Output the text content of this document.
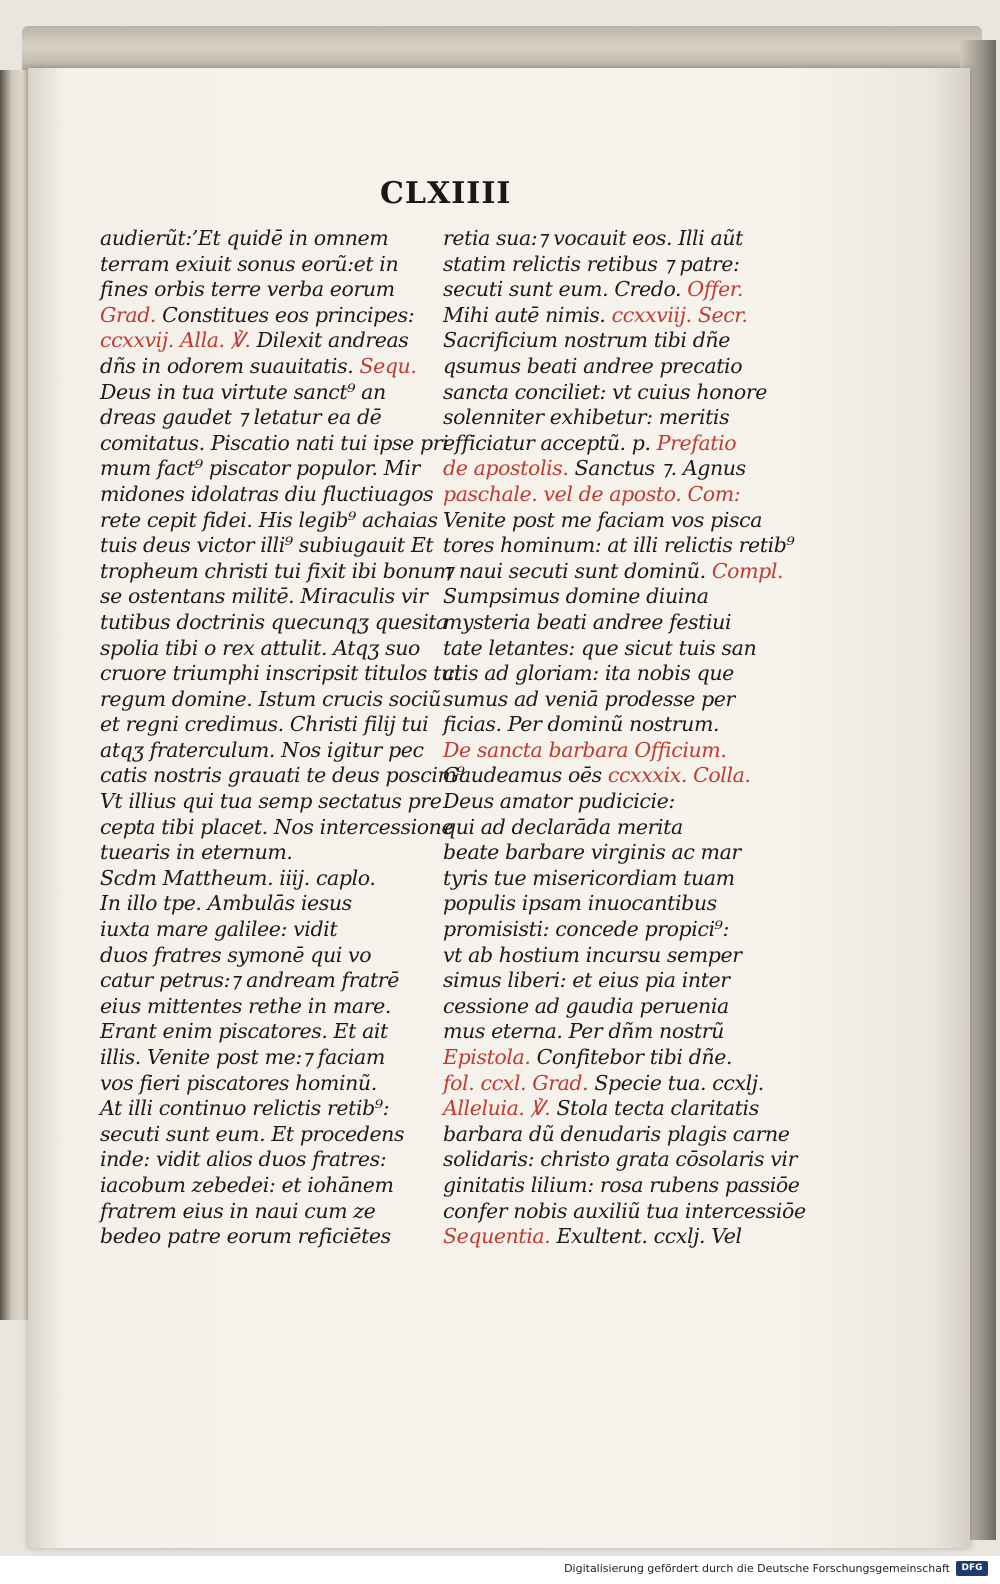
CLXIIII
audierũt:’Et quidē in omnem
terram exiuit sonus eorũ:et in
fines orbis terre verba eorum
Grad. Constitues eos principes:
ccxxvij. Alla. ℣. Dilexit andreas
dñs in odorem suauitatis. Sequ.
Deus in tua virtute sanct⁹ an
dreas gaudet ⁊ letatur ea dē
comitatus. Piscatio nati tui ipse pri
mum fact⁹ piscator populor. Mir
midones idolatras diu fluctiuagos
rete cepit fidei. His legib⁹ achaias
tuis deus victor illi⁹ subiugauit Et
tropheum christi tui fixit ibi bonum
se ostentans militē. Miraculis vir
tutibus doctrinis quecunqʒ quesita
spolia tibi o rex attulit. Atqʒ suo
cruore triumphi inscripsit titulos tui
regum domine. Istum crucis sociũ
et regni credimus. Christi filij tui
atqʒ fraterculum. Nos igitur pec
catis nostris grauati te deus poscim⁹
Vt illius qui tua semp sectatus pre
cepta tibi placet. Nos intercessione
tuearis in eternum.
Scdm Mattheum. iiij. caplo.
In illo tpe. Ambulās iesus
iuxta mare galilee: vidit
duos fratres symonē qui vo
catur petrus:⁊ andream fratrē
eius mittentes rethe in mare.
Erant enim piscatores. Et ait
illis. Venite post me:⁊ faciam
vos fieri piscatores hominũ.
At illi continuo relictis retib⁹:
secuti sunt eum. Et procedens
inde: vidit alios duos fratres:
iacobum zebedei: et iohānem
fratrem eius in naui cum ze
bedeo patre eorum reficiētes
retia sua:⁊ vocauit eos. Illi aũt
statim relictis retibus ⁊ patre:
secuti sunt eum. Credo. Offer.
Mihi autē nimis. ccxxviij. Secr.
Sacrificium nostrum tibi dñe
qsumus beati andree precatio
sancta conciliet: vt cuius honore
solenniter exhibetur: meritis
efficiatur acceptũ. p. Prefatio
de apostolis. Sanctus ⁊. Agnus
paschale. vel de aposto. Com:
Venite post me faciam vos pisca
tores hominum: at illi relictis retib⁹
⁊ naui secuti sunt dominũ. Compl.
Sumpsimus domine diuina
mysteria beati andree festiui
tate letantes: que sicut tuis san
ctis ad gloriam: ita nobis que
sumus ad veniā prodesse per
ficias. Per dominũ nostrum.
De sancta barbara Officium.
Gaudeamus oēs ccxxxix. Colla.
Deus amator pudicicie:
qui ad declarāda merita
beate barbare virginis ac mar
tyris tue misericordiam tuam
populis ipsam inuocantibus
promisisti: concede propici⁹:
vt ab hostium incursu semper
simus liberi: et eius pia inter
cessione ad gaudia peruenia
mus eterna. Per dñm nostrũ
Epistola. Confitebor tibi dñe.
fol. ccxl. Grad. Specie tua. ccxlj.
Alleluia. ℣. Stola tecta claritatis
barbara dũ denudaris plagis carne
solidaris: christo grata cōsolaris vir
ginitatis lilium: rosa rubens passiōe
confer nobis auxiliũ tua intercessiōe
Sequentia. Exultent. ccxlj. Vel
Digitalisierung gefördert durch die Deutsche Forschungsgemeinschaft	DFG
